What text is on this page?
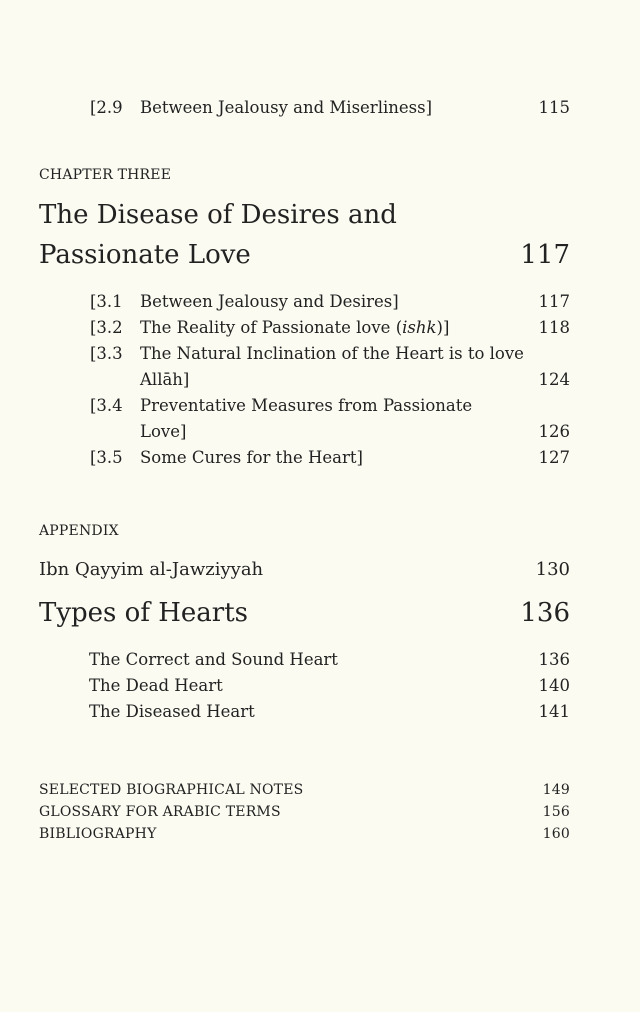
[2.9 Between Jealousy and Miserliness]	115
CHAPTER THREE
The Disease of Desires and
Passionate Love	117
[3.1 Between Jealousy and Desires]	117
[3.2 The Reality of Passionate love (ishk)]	118
[3.3 The Natural Inclination of the Heart is to love
Allāh]	124
[3.4 Preventative Measures from Passionate
Love]	126
[3.5 Some Cures for the Heart]	127
APPENDIX
Ibn Qayyim al-Jawziyyah	130
Types of Hearts	136
The Correct and Sound Heart	136
The Dead Heart	140
The Diseased Heart	141
SELECTED BIOGRAPHICAL NOTES	149
GLOSSARY FOR ARABIC TERMS	156
BIBLIOGRAPHY	160
